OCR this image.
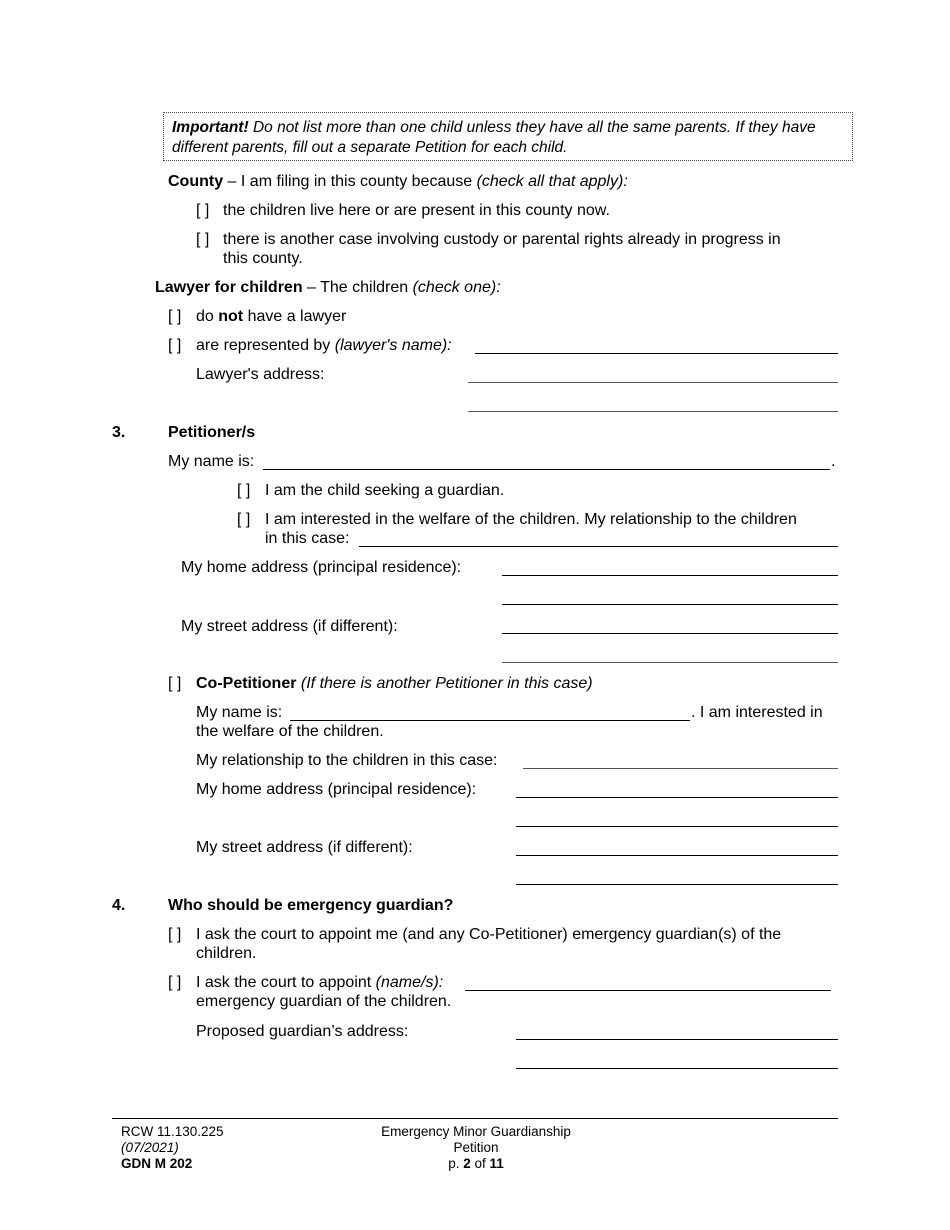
Important! Do not list more than one child unless they have all the same parents. If they have different parents, fill out a separate Petition for each child.
County – I am filing in this county because (check all that apply):
[ ] the children live here or are present in this county now.
[ ] there is another case involving custody or parental rights already in progress in
this county.
Lawyer for children – The children (check one):
[ ] do not have a lawyer
[ ] are represented by (lawyer's name):
Lawyer's address:
3.	Petitioner/s
My name is:	.
[ ] I am the child seeking a guardian.
[ ] I am interested in the welfare of the children. My relationship to the children
in this case:
My home address (principal residence):
My street address (if different):
[ ] Co-Petitioner (If there is another Petitioner in this case)
My name is:	. I am interested in
the welfare of the children.
My relationship to the children in this case:
My home address (principal residence):
My street address (if different):
4.	Who should be emergency guardian?
[ ] I ask the court to appoint me (and any Co-Petitioner) emergency guardian(s) of the
children.
[ ] I ask the court to appoint (name/s):
emergency guardian of the children.
Proposed guardian’s address:
RCW 11.130.225
(07/2021)
GDN M 202
Emergency Minor Guardianship
Petition
p. 2 of 11
